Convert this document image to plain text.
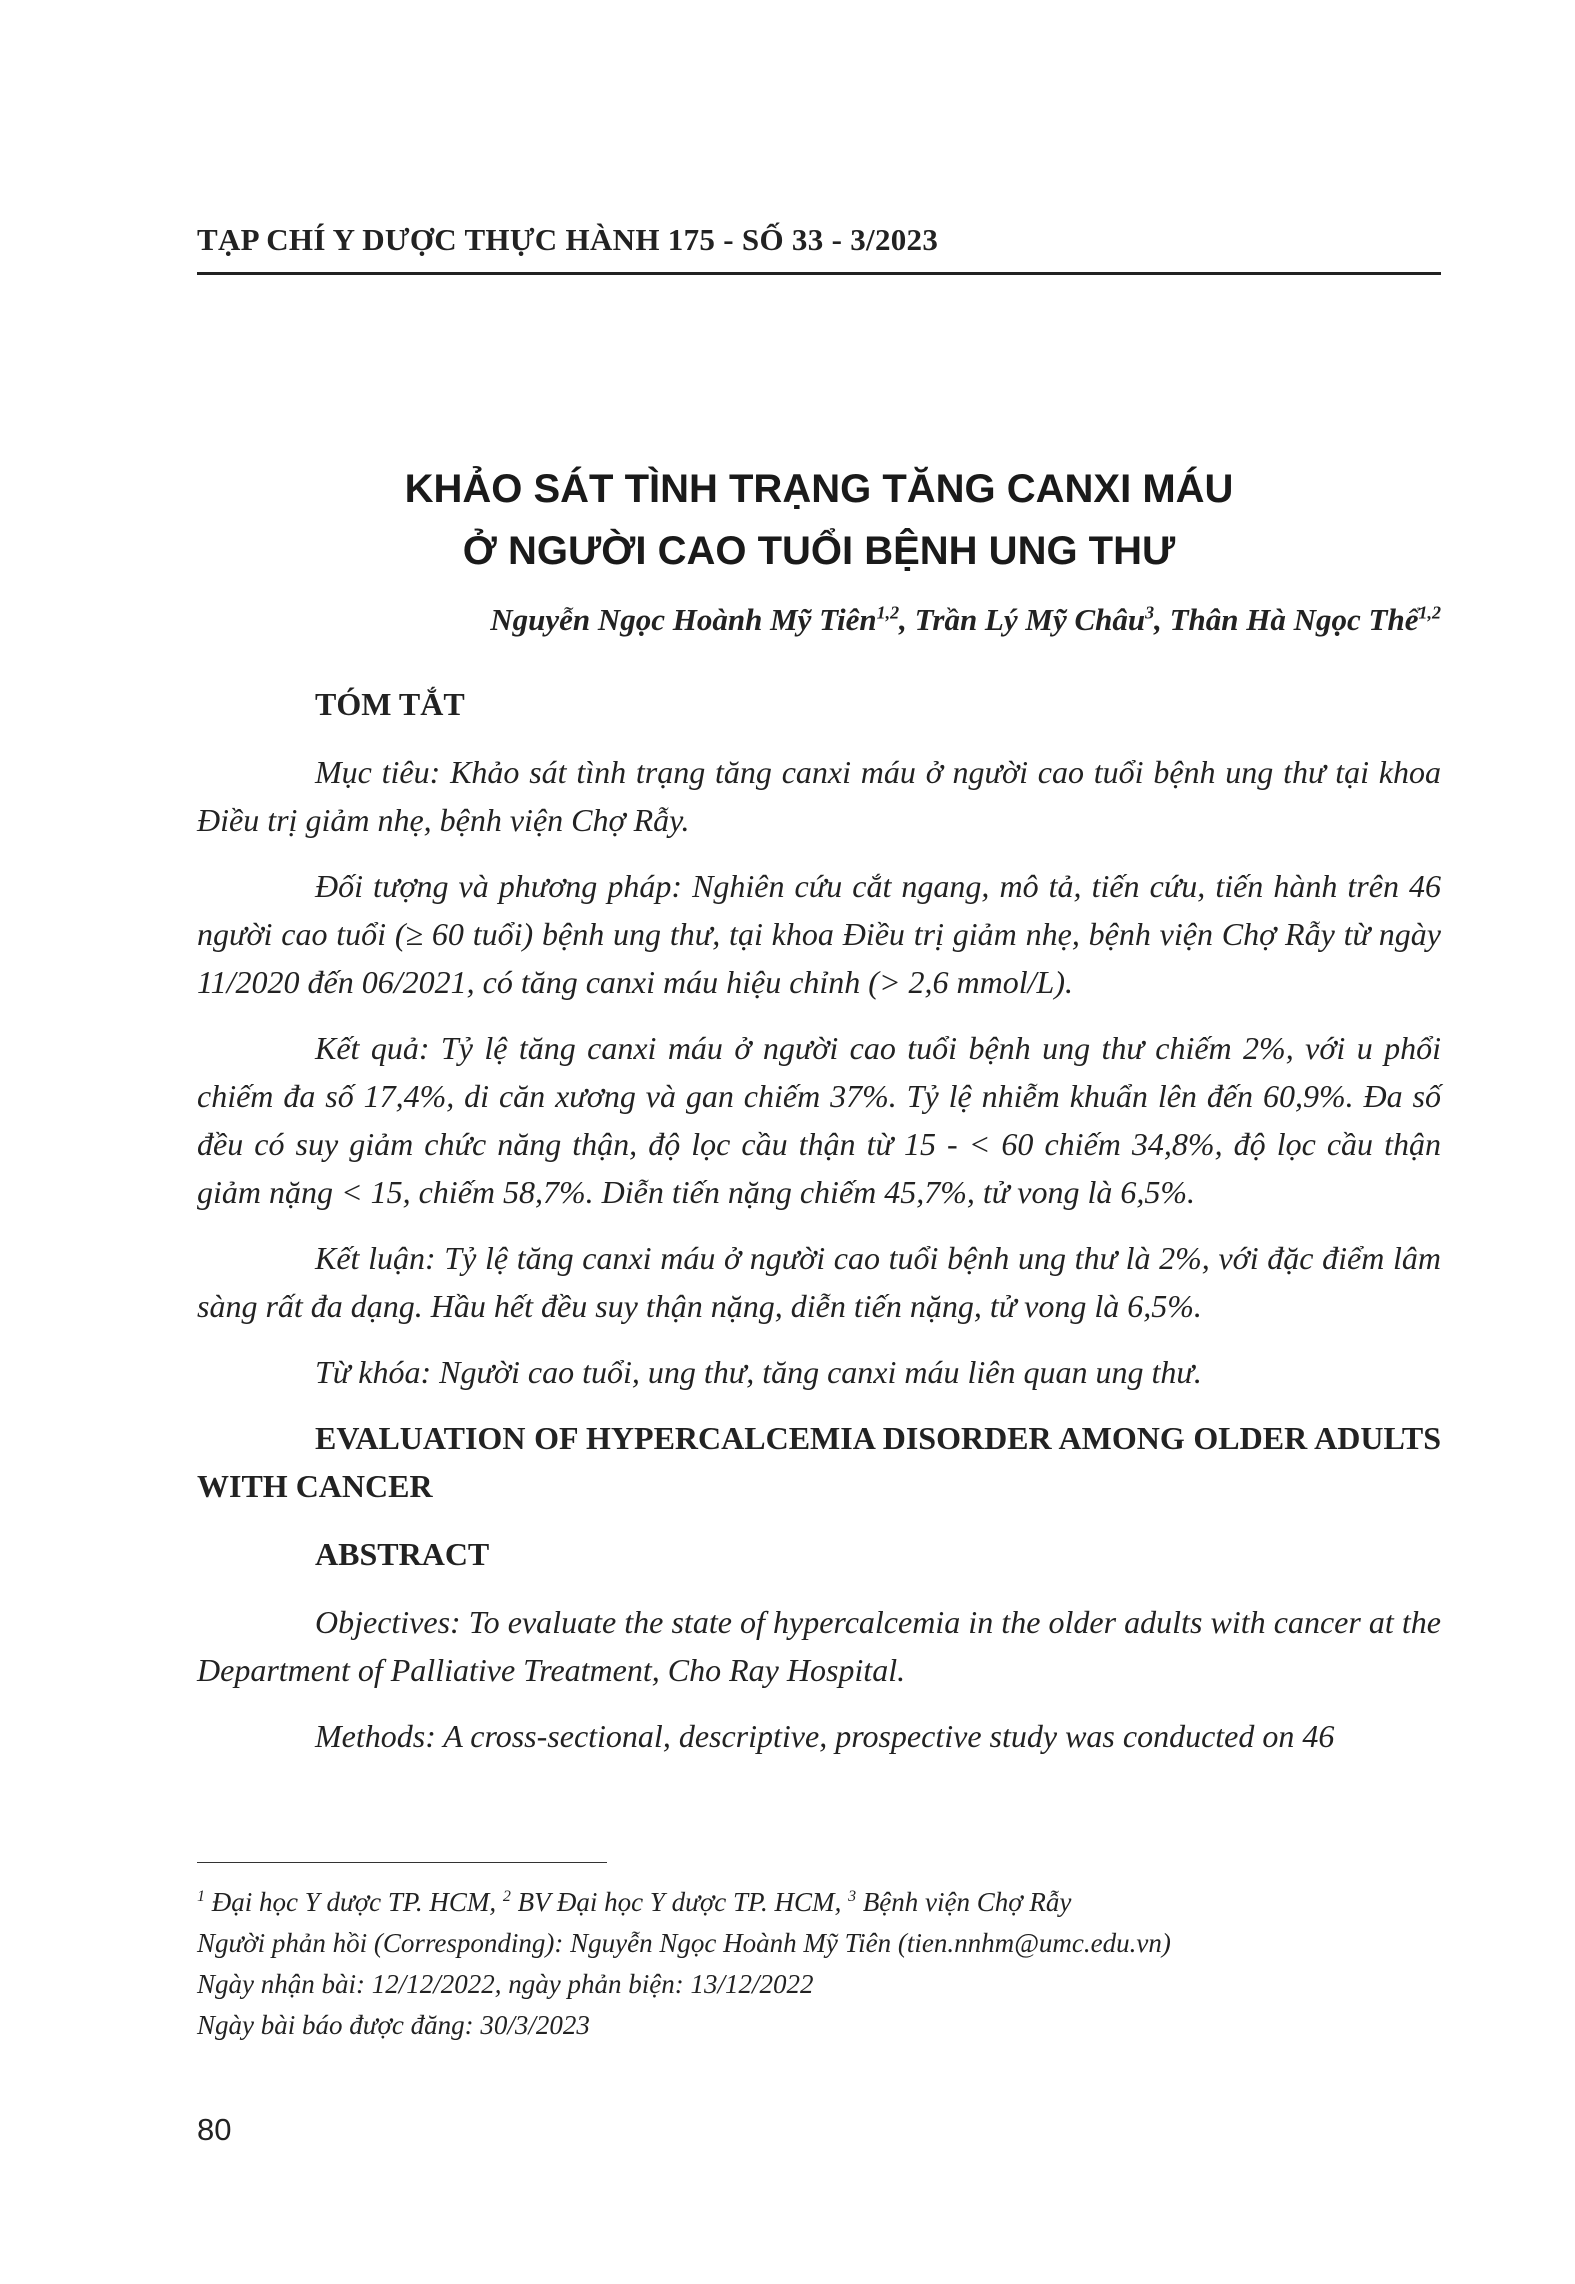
TẠP CHÍ Y DƯỢC THỰC HÀNH 175 - SỐ 33 - 3/2023
KHẢO SÁT TÌNH TRẠNG TĂNG CANXI MÁU
Ở NGƯỜI CAO TUỔI BỆNH UNG THƯ
Nguyễn Ngọc Hoành Mỹ Tiên$^{1,2}$, Trần Lý Mỹ Châu$^3$, Thân Hà Ngọc Thể$^{1,2}$
TÓM TẮT

Mục tiêu: Khảo sát tình trạng tăng canxi máu ở người cao tuổi bệnh ung thư tại khoa Điều trị giảm nhẹ, bệnh viện Chợ Rẫy.

Đối tượng và phương pháp: Nghiên cứu cắt ngang, mô tả, tiến cứu, tiến hành trên 46 người cao tuổi (≥ 60 tuổi) bệnh ung thư, tại khoa Điều trị giảm nhẹ, bệnh viện Chợ Rẫy từ ngày 11/2020 đến 06/2021, có tăng canxi máu hiệu chỉnh (> 2,6 mmol/L).

Kết quả: Tỷ lệ tăng canxi máu ở người cao tuổi bệnh ung thư chiếm 2%, với u phổi chiếm đa số 17,4%, di căn xương và gan chiếm 37%. Tỷ lệ nhiễm khuẩn lên đến 60,9%. Đa số đều có suy giảm chức năng thận, độ lọc cầu thận từ 15 - < 60 chiếm 34,8%, độ lọc cầu thận giảm nặng < 15, chiếm 58,7%. Diễn tiến nặng chiếm 45,7%, tử vong là 6,5%.

Kết luận: Tỷ lệ tăng canxi máu ở người cao tuổi bệnh ung thư là 2%, với đặc điểm lâm sàng rất đa dạng. Hầu hết đều suy thận nặng, diễn tiến nặng, tử vong là 6,5%.

Từ khóa: Người cao tuổi, ung thư, tăng canxi máu liên quan ung thư.

EVALUATION OF HYPERCALCEMIA DISORDER AMONG OLDER ADULTS WITH CANCER
ABSTRACT

Objectives: To evaluate the state of hypercalcemia in the older adults with cancer at the Department of Palliative Treatment, Cho Ray Hospital.

Methods: A cross-sectional, descriptive, prospective study was conducted on 46

$^1$ Đại học Y dược TP. HCM, $^2$ BV Đại học Y dược TP. HCM, $^3$ Bệnh viện Chợ Rẫy
Người phản hồi (Corresponding): Nguyễn Ngọc Hoành Mỹ Tiên (tien.nnhm@umc.edu.vn)
Ngày nhận bài: 12/12/2022, ngày phản biện: 13/12/2022
Ngày bài báo được đăng: 30/3/2023
80
